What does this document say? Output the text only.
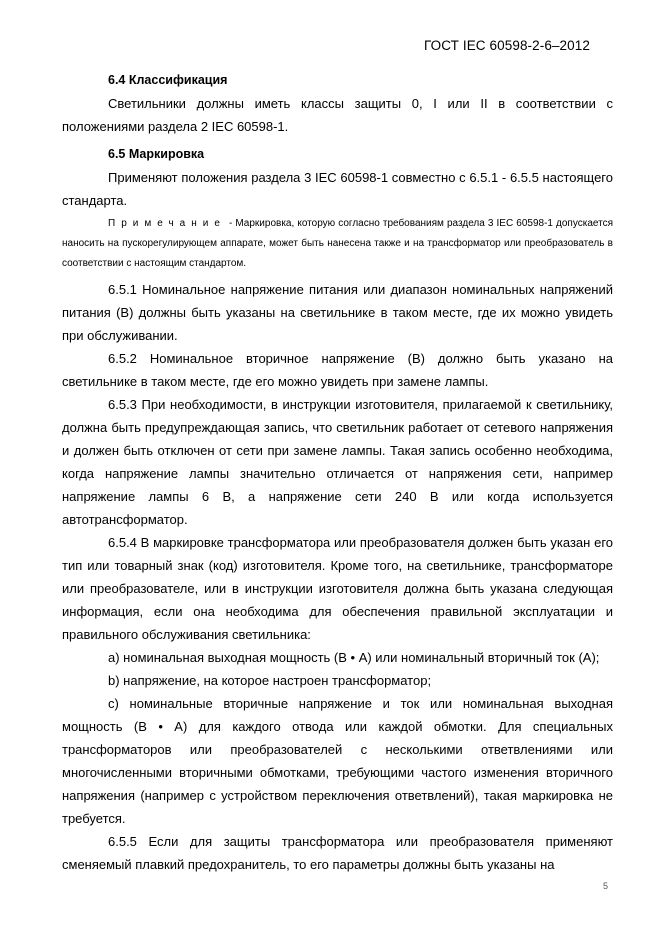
ГОСТ IEC 60598-2-6–2012

6.4 Классификация

Светильники должны иметь классы защиты 0, I или II в соответствии с положениями раздела 2 IEC 60598-1.

6.5 Маркировка

Применяют положения раздела 3 IEC 60598-1 совместно с 6.5.1 - 6.5.5 настоящего стандарта.

Примечание - Маркировка, которую согласно требованиям раздела 3 IEC 60598-1 допускается наносить на пускорегулирующем аппарате, может быть нанесена также и на трансформатор или преобразователь в соответствии с настоящим стандартом.

6.5.1 Номинальное напряжение питания или диапазон номинальных напряжений питания (В) должны быть указаны на светильнике в таком месте, где их можно увидеть при обслуживании.

6.5.2 Номинальное вторичное напряжение (В) должно быть указано на светильнике в таком месте, где его можно увидеть при замене лампы.

6.5.3 При необходимости, в инструкции изготовителя, прилагаемой к светильнику, должна быть предупреждающая запись, что светильник работает от сетевого напряжения и должен быть отключен от сети при замене лампы. Такая запись особенно необходима, когда напряжение лампы значительно отличается от напряжения сети, например напряжение лампы 6 В, а напряжение сети 240 В или когда используется автотрансформатор.

6.5.4 В маркировке трансформатора или преобразователя должен быть указан его тип или товарный знак (код) изготовителя. Кроме того, на светильнике, трансформаторе или преобразователе, или в инструкции изготовителя должна быть указана следующая информация, если она необходима для обеспечения правильной эксплуатации и правильного обслуживания светильника:

а) номинальная выходная мощность (В • А) или номинальный вторичный ток (А);

b) напряжение, на которое настроен трансформатор;

с) номинальные вторичные напряжение и ток или номинальная выходная мощность (В • А) для каждого отвода или каждой обмотки. Для специальных трансформаторов или преобразователей с несколькими ответвлениями или многочисленными вторичными обмотками, требующими частого изменения вторичного напряжения (например с устройством переключения ответвлений), такая маркировка не требуется.

6.5.5 Если для защиты трансформатора или преобразователя применяют сменяемый плавкий предохранитель, то его параметры должны быть указаны на

5
